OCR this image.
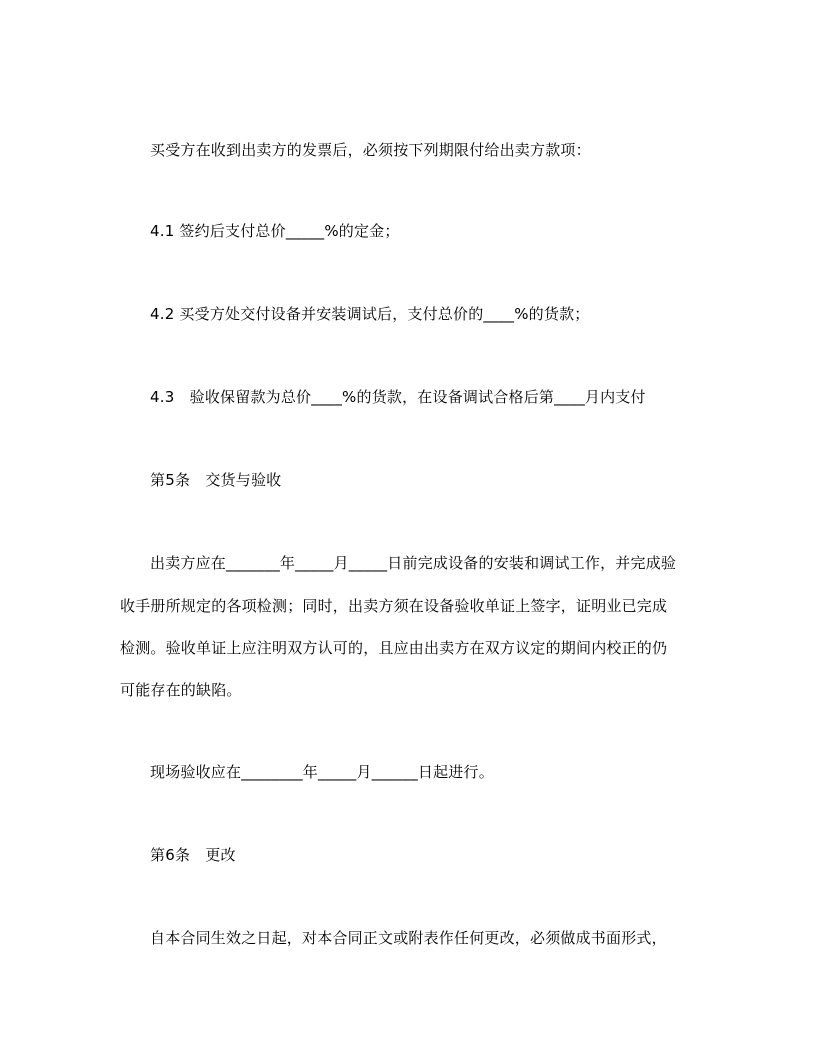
买受方在收到出卖方的发票后，必须按下列期限付给出卖方款项：
4.1 签约后支付总价_____%的定金；
4.2 买受方处交付设备并安装调试后，支付总价的____%的货款；
4.3　验收保留款为总价____%的货款，在设备调试合格后第____月内支付
第5条　交货与验收
出卖方应在_______年_____月_____日前完成设备的安装和调试工作，并完成验
收手册所规定的各项检测；同时，出卖方须在设备验收单证上签字，证明业已完成
检测。验收单证上应注明双方认可的，且应由出卖方在双方议定的期间内校正的仍
可能存在的缺陷。
现场验收应在________年_____月______日起进行。
第6条　更改
自本合同生效之日起，对本合同正文或附表作任何更改，必须做成书面形式，
